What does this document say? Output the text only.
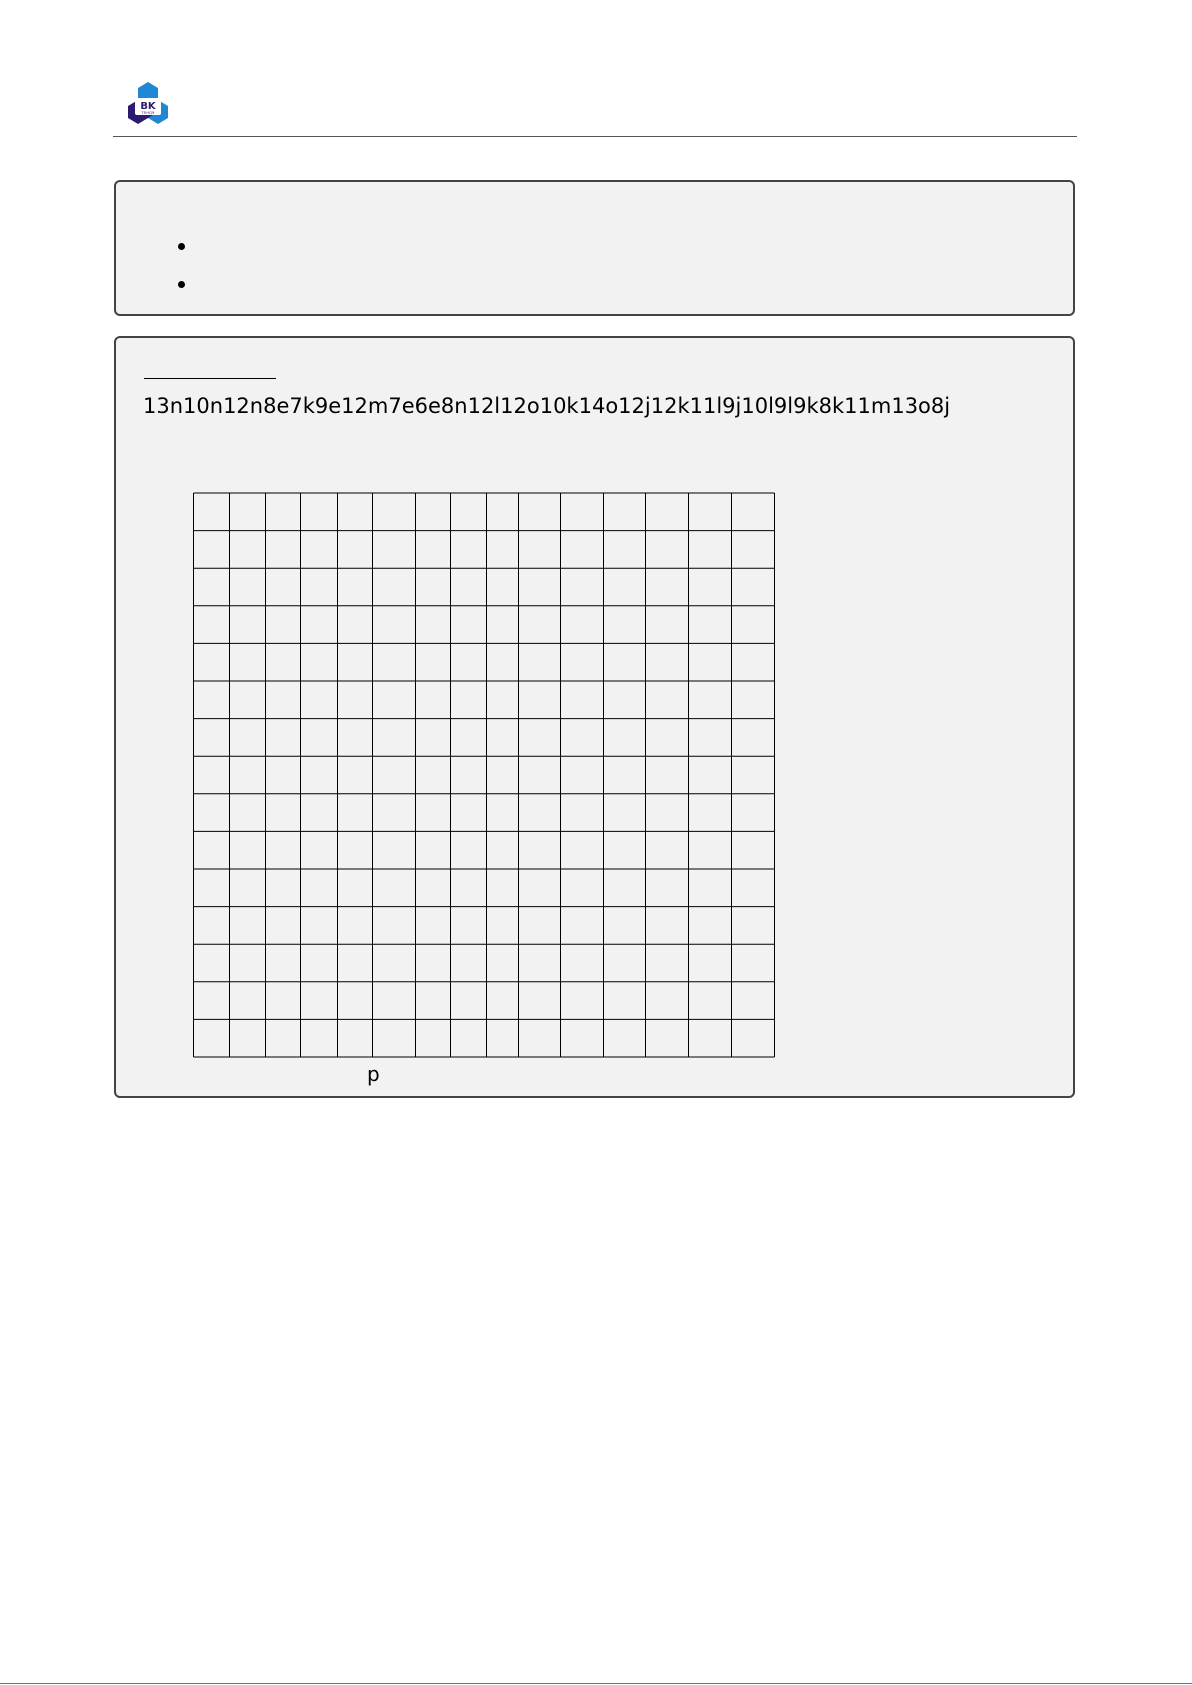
BK
TP.HCM
13n10n12n8e7k9e12m7e6e8n12l12o10k14o12j12k11l9j10l9l9k8k11m13o8j
p
